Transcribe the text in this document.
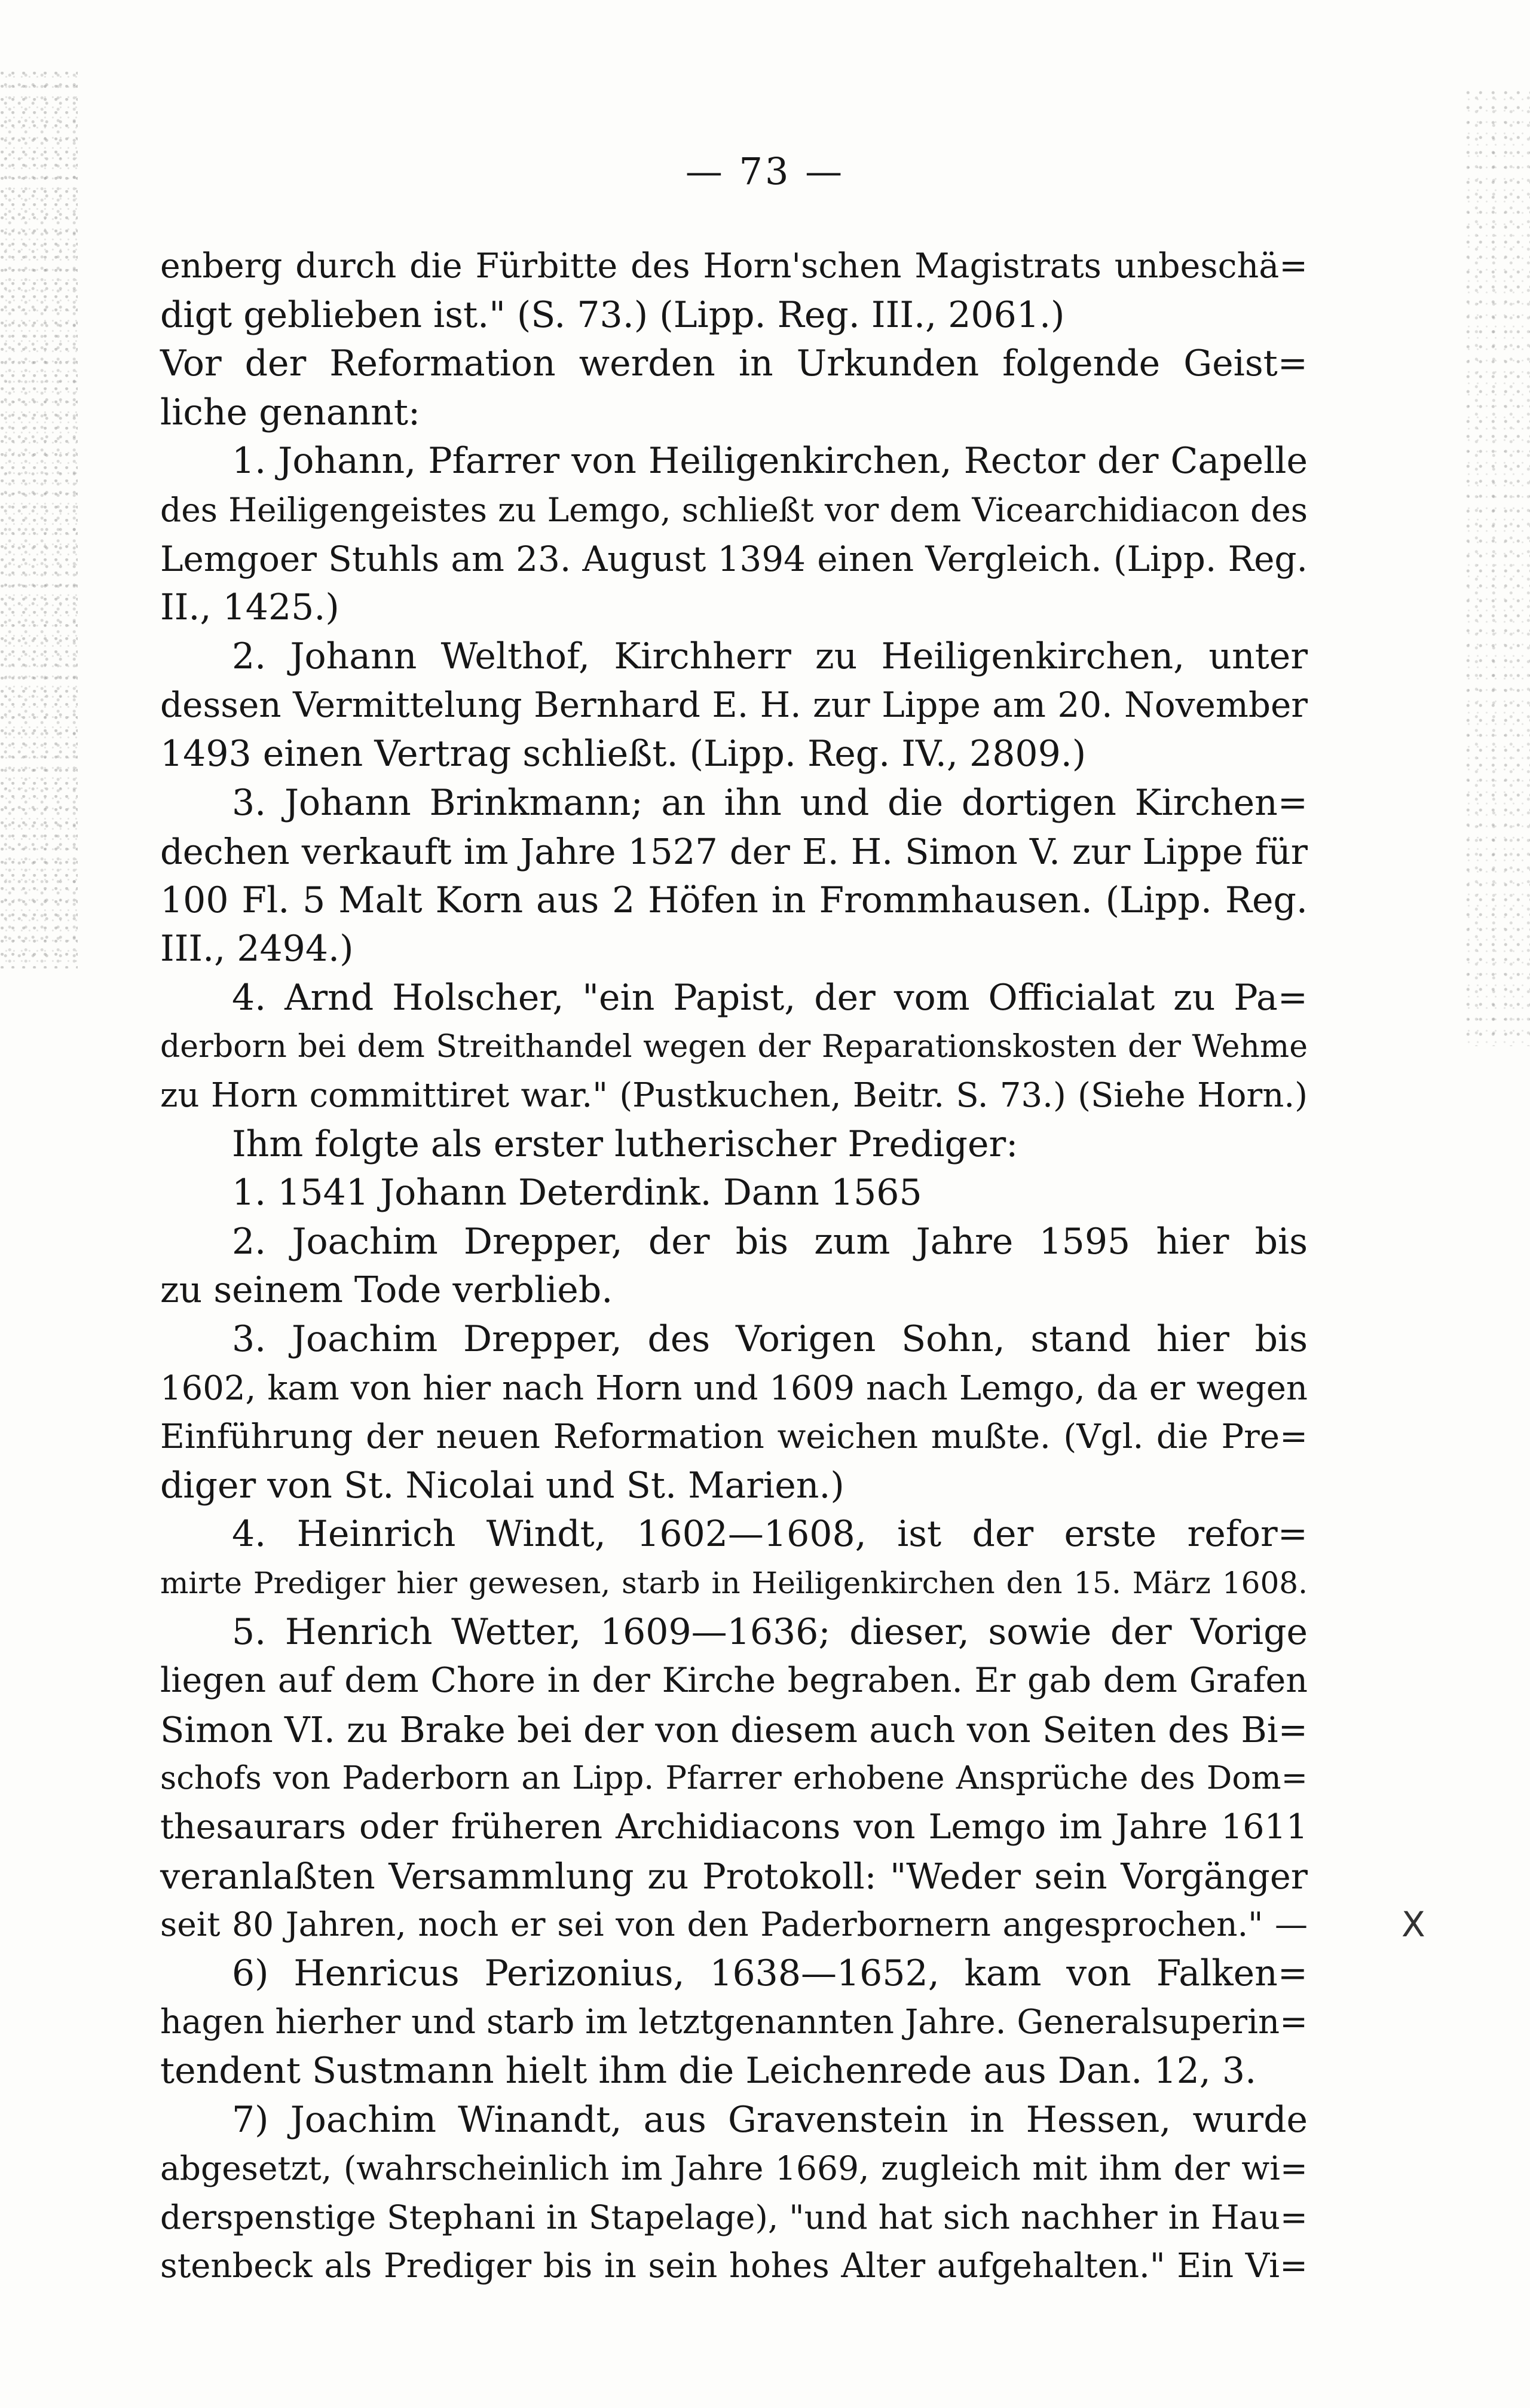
— 73 —
enberg durch die Fürbitte des Horn'schen Magistrats unbeschä=
digt geblieben ist." (S. 73.) (Lipp. Reg. III., 2061.)
Vor der Reformation werden in Urkunden folgende Geist=
liche genannt:
1. Johann, Pfarrer von Heiligenkirchen, Rector der Capelle
des Heiligengeistes zu Lemgo, schließt vor dem Vicearchidiacon des
Lemgoer Stuhls am 23. August 1394 einen Vergleich. (Lipp. Reg.
II., 1425.)
2. Johann Welthof, Kirchherr zu Heiligenkirchen, unter
dessen Vermittelung Bernhard E. H. zur Lippe am 20. November
1493 einen Vertrag schließt. (Lipp. Reg. IV., 2809.)
3. Johann Brinkmann; an ihn und die dortigen Kirchen=
dechen verkauft im Jahre 1527 der E. H. Simon V. zur Lippe für
100 Fl. 5 Malt Korn aus 2 Höfen in Frommhausen. (Lipp. Reg.
III., 2494.)
4. Arnd Holscher, "ein Papist, der vom Officialat zu Pa=
derborn bei dem Streithandel wegen der Reparationskosten der Wehme
zu Horn committiret war." (Pustkuchen, Beitr. S. 73.) (Siehe Horn.)
Ihm folgte als erster lutherischer Prediger:
1. 1541 Johann Deterdink. Dann 1565
2. Joachim Drepper, der bis zum Jahre 1595 hier bis
zu seinem Tode verblieb.
3. Joachim Drepper, des Vorigen Sohn, stand hier bis
1602, kam von hier nach Horn und 1609 nach Lemgo, da er wegen
Einführung der neuen Reformation weichen mußte. (Vgl. die Pre=
diger von St. Nicolai und St. Marien.)
4. Heinrich Windt, 1602—1608, ist der erste refor=
mirte Prediger hier gewesen, starb in Heiligenkirchen den 15. März 1608.
5. Henrich Wetter, 1609—1636; dieser, sowie der Vorige
liegen auf dem Chore in der Kirche begraben. Er gab dem Grafen
Simon VI. zu Brake bei der von diesem auch von Seiten des Bi=
schofs von Paderborn an Lipp. Pfarrer erhobene Ansprüche des Dom=
thesaurars oder früheren Archidiacons von Lemgo im Jahre 1611
veranlaßten Versammlung zu Protokoll: "Weder sein Vorgänger
seit 80 Jahren, noch er sei von den Paderbornern angesprochen." —
6) Henricus Perizonius, 1638—1652, kam von Falken=
hagen hierher und starb im letztgenannten Jahre. Generalsuperin=
tendent Sustmann hielt ihm die Leichenrede aus Dan. 12, 3.
7) Joachim Winandt, aus Gravenstein in Hessen, wurde
abgesetzt, (wahrscheinlich im Jahre 1669, zugleich mit ihm der wi=
derspenstige Stephani in Stapelage), "und hat sich nachher in Hau=
stenbeck als Prediger bis in sein hohes Alter aufgehalten." Ein Vi=
X
